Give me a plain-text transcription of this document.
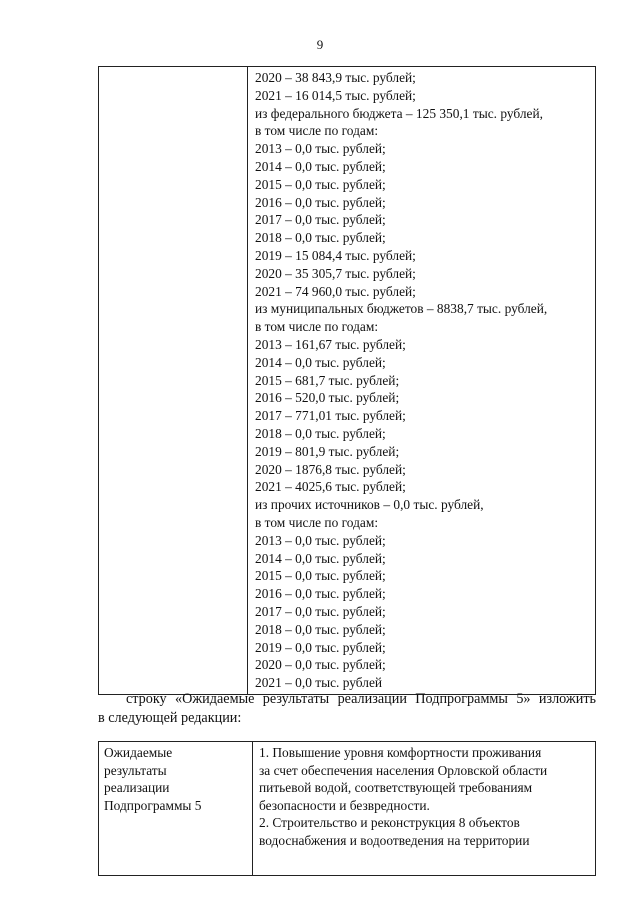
9

2020 – 38 843,9 тыс. рублей;
2021 – 16 014,5 тыс. рублей;
из федерального бюджета – 125 350,1 тыс. рублей,
в том числе по годам:
2013 – 0,0 тыс. рублей;
2014 – 0,0 тыс. рублей;
2015 – 0,0 тыс. рублей;
2016 – 0,0 тыс. рублей;
2017 – 0,0 тыс. рублей;
2018 – 0,0 тыс. рублей;
2019 – 15 084,4 тыс. рублей;
2020 – 35 305,7 тыс. рублей;
2021 – 74 960,0 тыс. рублей;
из муниципальных бюджетов – 8838,7 тыс. рублей,
в том числе по годам:
2013 – 161,67 тыс. рублей;
2014 – 0,0 тыс. рублей;
2015 – 681,7 тыс. рублей;
2016 – 520,0 тыс. рублей;
2017 – 771,01 тыс. рублей;
2018 – 0,0 тыс. рублей;
2019 – 801,9 тыс. рублей;
2020 – 1876,8 тыс. рублей;
2021 – 4025,6 тыс. рублей;
из прочих источников – 0,0 тыс. рублей,
в том числе по годам:
2013 – 0,0 тыс. рублей;
2014 – 0,0 тыс. рублей;
2015 – 0,0 тыс. рублей;
2016 – 0,0 тыс. рублей;
2017 – 0,0 тыс. рублей;
2018 – 0,0 тыс. рублей;
2019 – 0,0 тыс. рублей;
2020 – 0,0 тыс. рублей;
2021 – 0,0 тыс. рублей
строку «Ожидаемые результаты реализации Подпрограммы 5» изложить
в следующей редакции:
Ожидаемые
результаты
реализации
Подпрограммы 5

1. Повышение уровня комфортности проживания
за счет обеспечения населения Орловской области
питьевой водой, соответствующей требованиям
безопасности и безвредности.
2. Строительство и реконструкция 8 объектов
водоснабжения и водоотведения на территории
